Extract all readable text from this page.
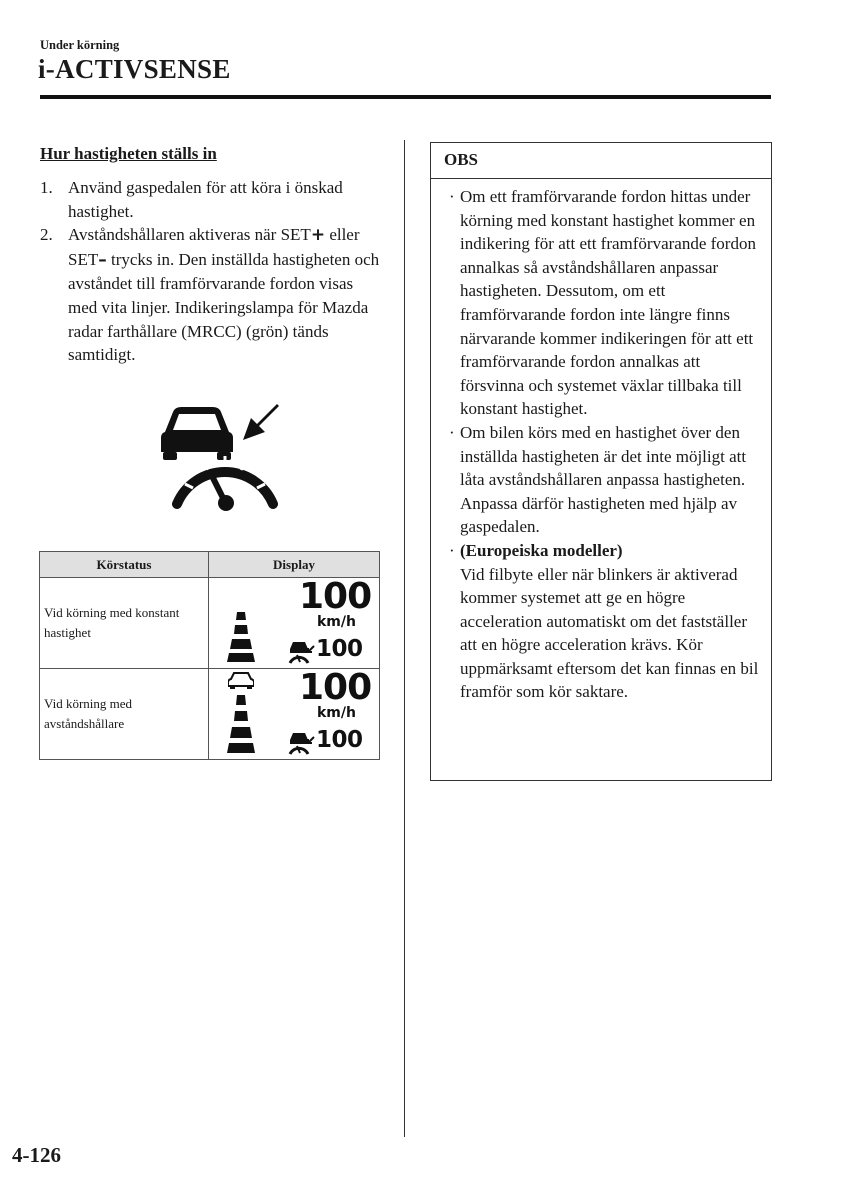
Under körning
i-ACTIVSENSE
Hur hastigheten ställs in
1. Använd gaspedalen för att köra i önskad hastighet.
2. Avståndshållaren aktiveras när SET+ eller SET– trycks in. Den inställda hastigheten och avståndet till framförvarande fordon visas med vita linjer. Indikeringslampa för Mazda radar farthållare (MRCC) (grön) tänds samtidigt.
Körstatus	Display
Vid körning med konstant hastighet	100
km/h
100

Vid körning med avståndshållare	100
km/h
100
OBS
· Om ett framförvarande fordon hittas under körning med konstant hastighet kommer en indikering för att ett framförvarande fordon annalkas så avståndshållaren anpassar hastigheten. Dessutom, om ett framförvarande fordon inte längre finns närvarande kommer indikeringen för att ett framförvarande fordon annalkas att försvinna och systemet växlar tillbaka till konstant hastighet.
· Om bilen körs med en hastighet över den inställda hastigheten är det inte möjligt att låta avståndshållaren anpassa hastigheten. Anpassa därför hastigheten med hjälp av gaspedalen.
· (Europeiska modeller)
Vid filbyte eller när blinkers är aktiverad kommer systemet att ge en högre acceleration automatiskt om det fastställer att en högre acceleration krävs. Kör uppmärksamt eftersom det kan finnas en bil framför som kör saktare.
4-126
